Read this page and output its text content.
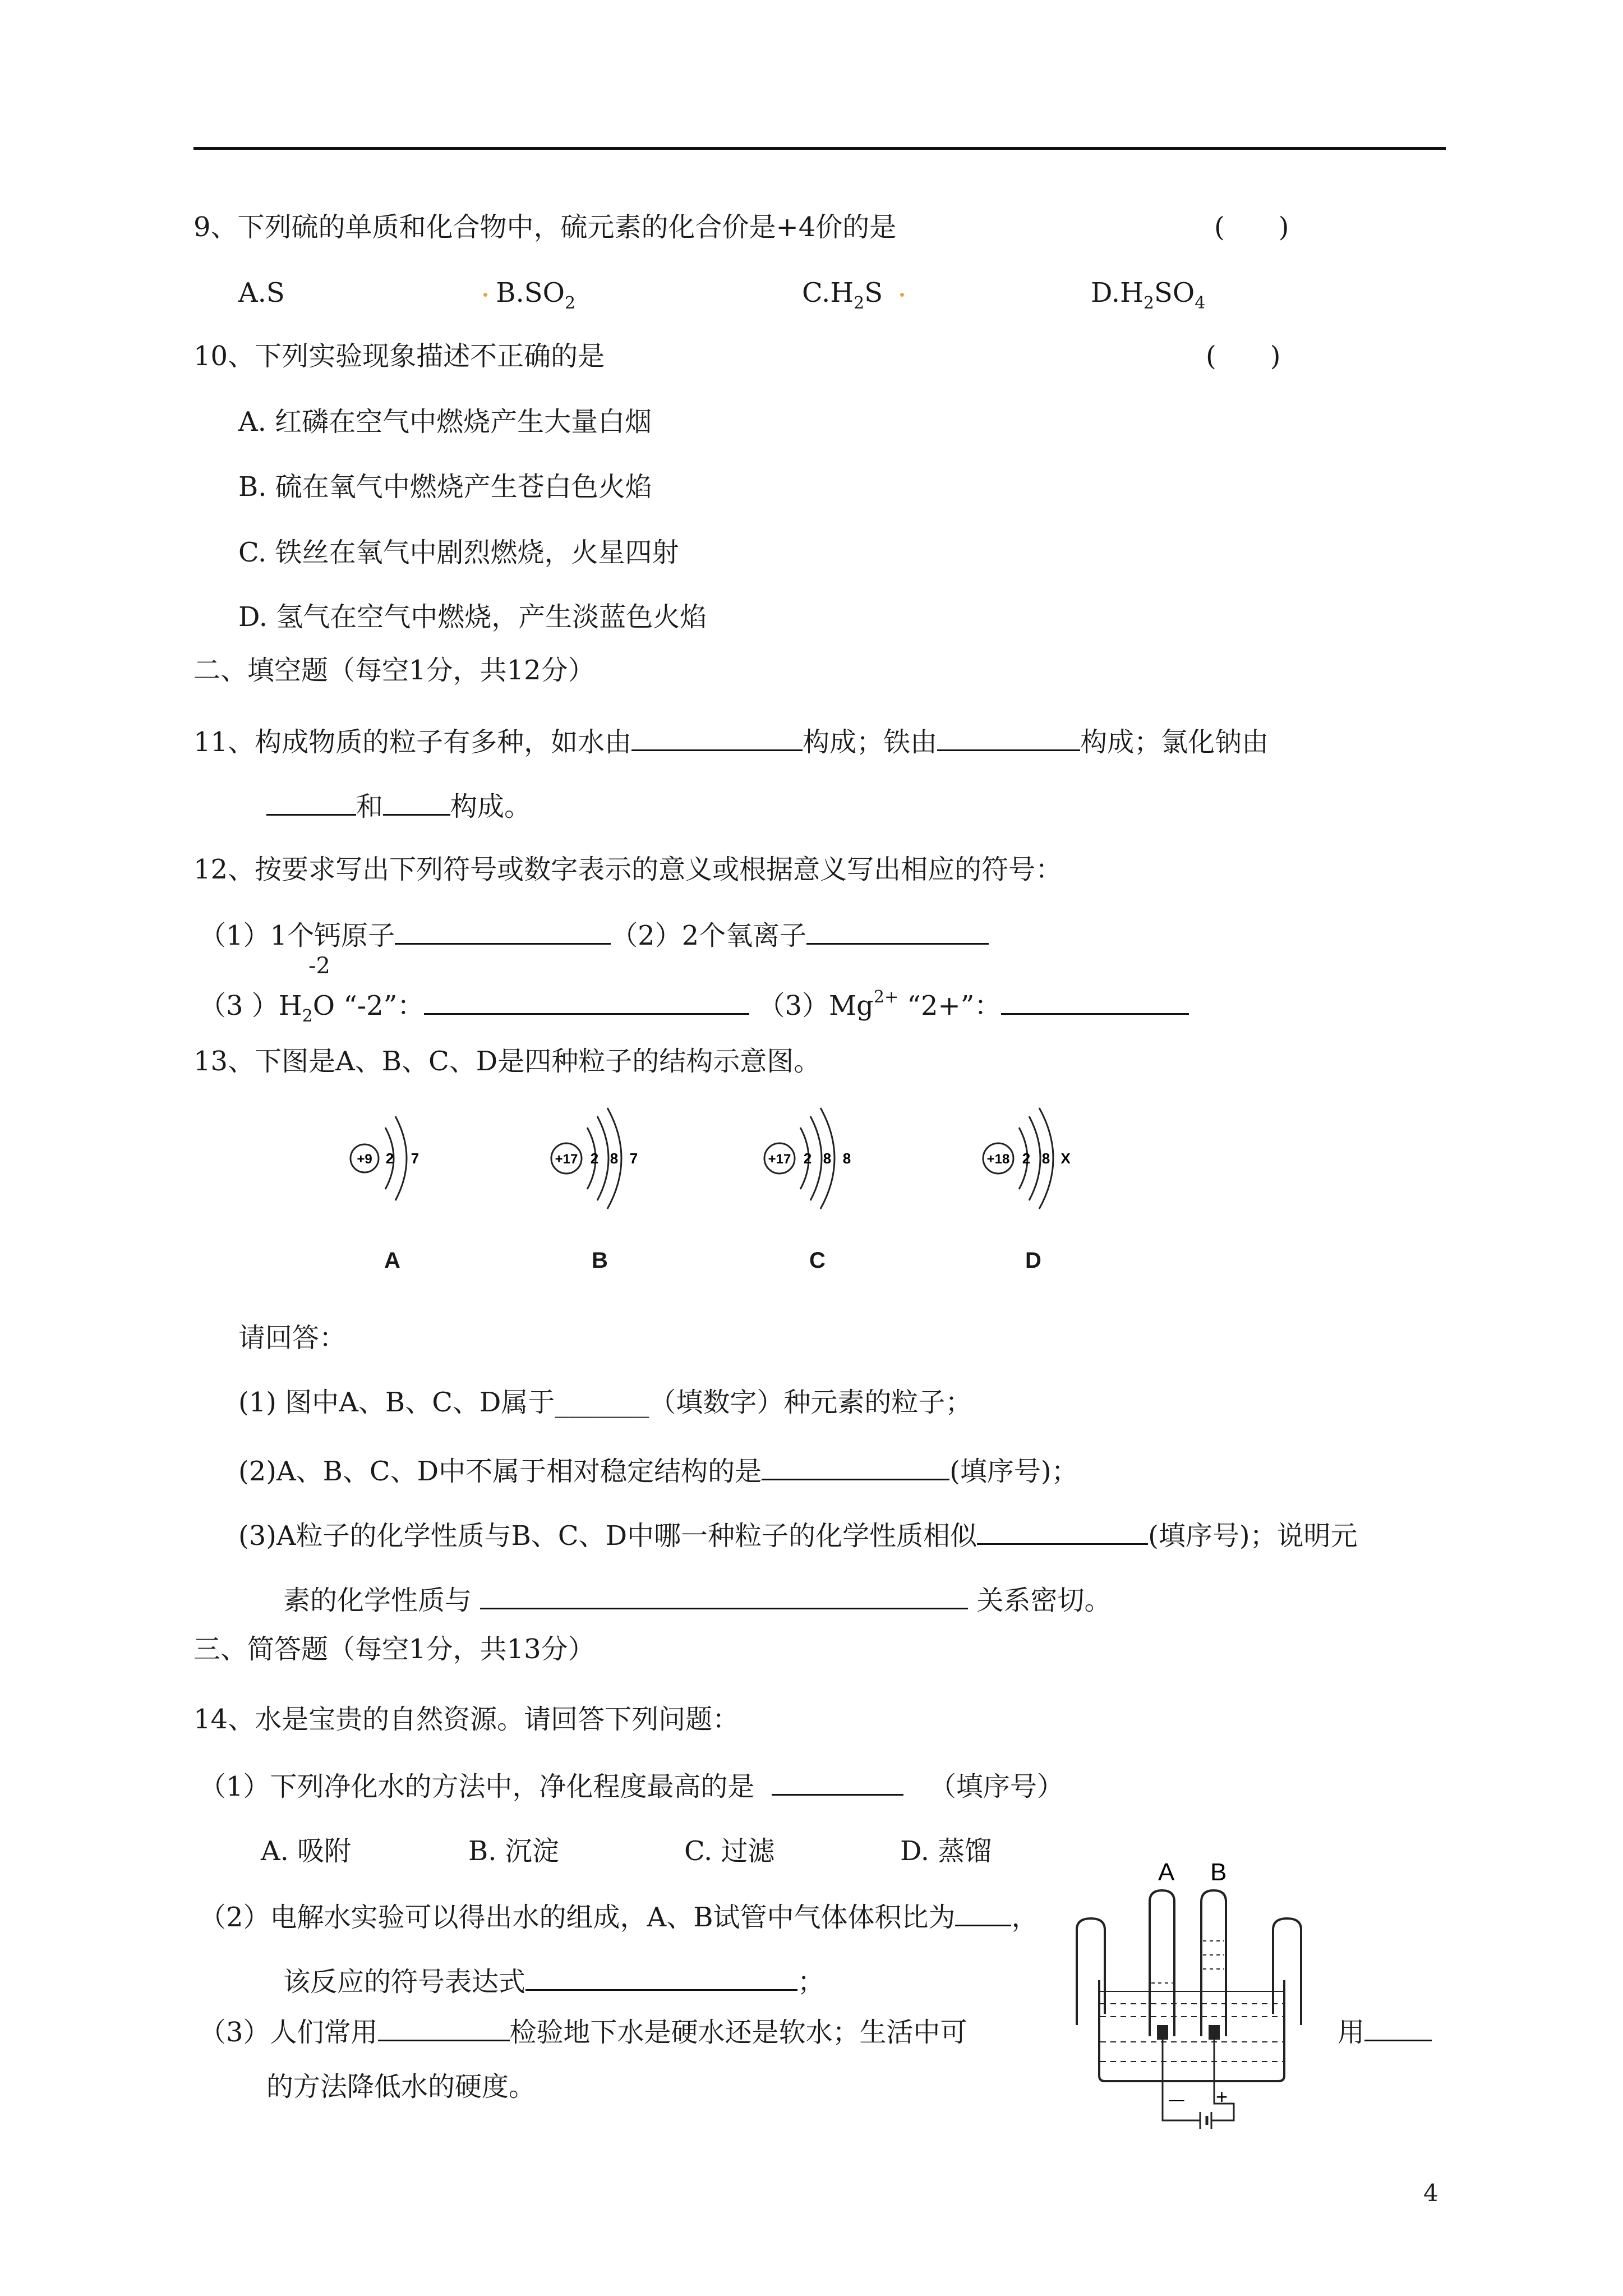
9、下列硫的单质和化合物中，硫元素的化合价是+4价的是	(　　)
A.S	$B.SO_2$	$C.H_2S$	$D.H_2SO_4$
10、下列实验现象描述不正确的是	(　　)
A. 红磷在空气中燃烧产生大量白烟
B. 硫在氧气中燃烧产生苍白色火焰
C. 铁丝在氧气中剧烈燃烧，火星四射
D. 氢气在空气中燃烧，产生淡蓝色火焰
二、填空题（每空1分，共12分）
11、构成物质的粒子有多种，如水由	构成；铁由	构成；氯化钠由
和	构成。
12、按要求写出下列符号或数字表示的意义或根据意义写出相应的符号：
（1）1个钙原子	（2）2个氧离子
-2
（3 ）$H_2O$ “-2”：	$(3)Mg^{2+}$ “2+”：
13、下图是A、B、C、D是四种粒子的结构示意图。
+9 2 7	+17 2 8 7	+17 2 8 8	+18 2 8 X
A	B	C	D
请回答：
(1) 图中A、B、C、D属于_______（填数字）种元素的粒子；
(2)A、B、C、D中不属于相对稳定结构的是	(填序号)；
(3)A粒子的化学性质与B、C、D中哪一种粒子的化学性质相似	(填序号)；说明元
素的化学性质与	关系密切。
三、简答题（每空1分，共13分）
14、水是宝贵的自然资源。请回答下列问题：
（1）下列净化水的方法中，净化程度最高的是	（填序号）
A. 吸附	B. 沉淀	C. 过滤	D. 蒸馏
（2）电解水实验可以得出水的组成，A、B试管中气体体积比为 ，
该反应的符号表达式	；
（3）人们常用	检验地下水是硬水还是软水；生活中可	用
的方法降低水的硬度。
A B
－ +
4
